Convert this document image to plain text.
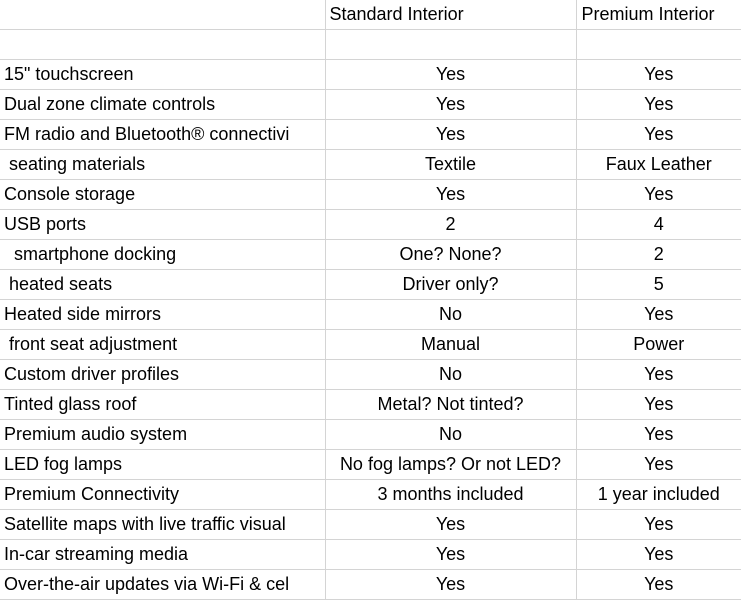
	Standard Interior	Premium Interior

15" touchscreen	Yes	Yes
Dual zone climate controls	Yes	Yes
FM radio and Bluetooth® connectivi	Yes	Yes
seating materials	Textile	Faux Leather
Console storage	Yes	Yes
USB ports	2	4
smartphone docking	One? None?	2
heated seats	Driver only?	5
Heated side mirrors	No	Yes
front seat adjustment	Manual	Power
Custom driver profiles	No	Yes
Tinted glass roof	Metal? Not tinted?	Yes
Premium audio system	No	Yes
LED fog lamps	No fog lamps? Or not LED?	Yes
Premium Connectivity	3 months included	1 year included
Satellite maps with live traffic visual	Yes	Yes
In-car streaming media	Yes	Yes
Over-the-air updates via Wi-Fi & cel	Yes	Yes
